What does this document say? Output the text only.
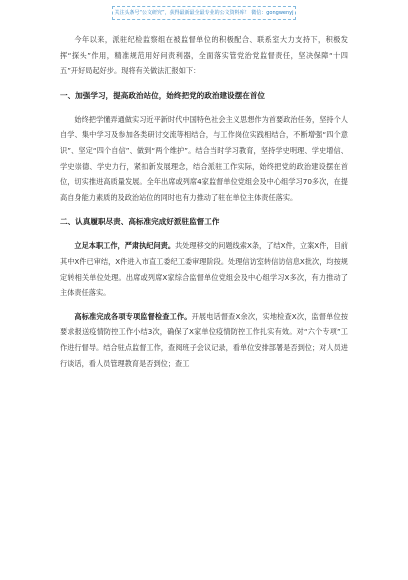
关注头条号“公文研究”，获得最新最全最专业的公文资料库！ 微信：gongwenyj

今年以来，派驻纪检监察组在被监督单位的积极配合、联系室大力支持下，积极发挥“探头”作用，精准规范用好问责利器，全面落实管党治党监督责任，坚决保障“十四五”开好局起好步。现将有关做法汇报如下：

一、加强学习，提高政治站位，始终把党的政治建设摆在首位

始终把学懂弄通做实习近平新时代中国特色社会主义思想作为首要政治任务，坚持个人自学、集中学习及参加各类研讨交流等相结合，与工作岗位实践相结合，不断增强“四个意识”、坚定“四个自信”、做到“两个维护”。结合当时学习教育，坚持学史明理、学史增信、学史崇德、学史力行，紧扣新发展理念，结合派驻工作实际，始终把党的政治建设摆在首位，切实推进高质量发展。全年出席或列席4家监督单位党组会及中心组学习70多次，在提高自身能力素质的及政治站位的同时也有力推动了驻在单位主体责任落实。

二、认真履职尽责、高标准完成好派驻监督工作

立足本职工作，严肃执纪问责。共处理移交的问题线索X条，了结X件，立案X件，目前其中X件已审结，X件进入市直工委纪工委审理阶段。处理信访室转信访信息X批次，均按规定转相关单位处理。出席或列席X家综合监督单位党组会及中心组学习X多次，有力推动了主体责任落实。

高标准完成各项专项监督检查工作。开展电话督查X余次，实地检查X次，监督单位按要求报送疫情防控工作小结3次，确保了X家单位疫情防控工作扎实有效。对“六个专项”工作进行督导。结合驻点监督工作，查阅班子会议记录，看单位安排部署是否到位；对人员进行谈话，看人员管理教育是否到位；查工
